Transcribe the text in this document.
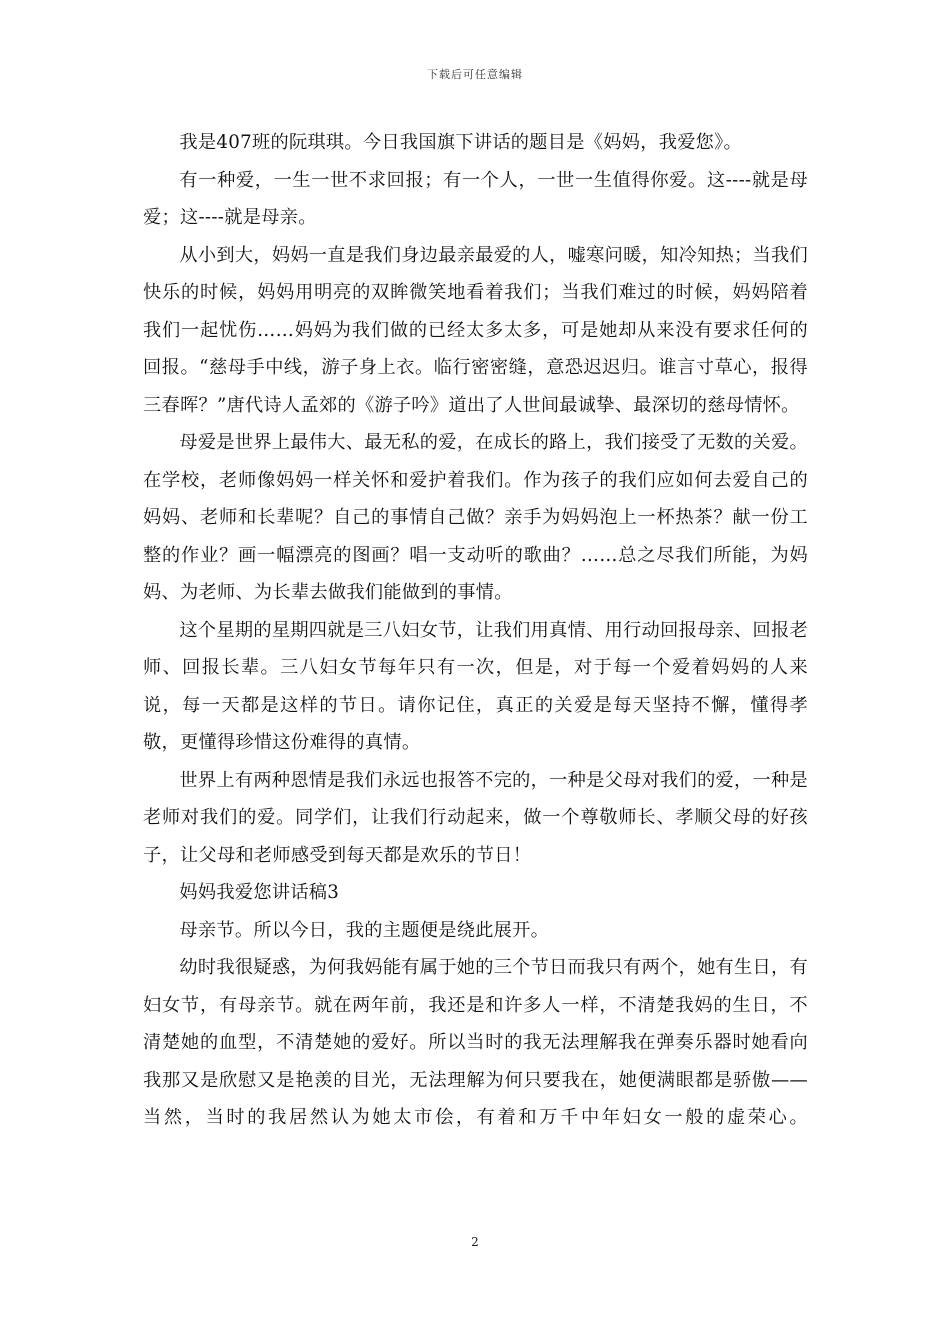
下载后可任意编辑

我是407班的阮琪琪。今日我国旗下讲话的题目是《妈妈，我爱您》。

有一种爱，一生一世不求回报；有一个人，一世一生值得你爱。这----就是母爱；这----就是母亲。

从小到大，妈妈一直是我们身边最亲最爱的人，嘘寒问暖，知冷知热；当我们快乐的时候，妈妈用明亮的双眸微笑地看着我们；当我们难过的时候，妈妈陪着我们一起忧伤……妈妈为我们做的已经太多太多，可是她却从来没有要求任何的回报。“慈母手中线，游子身上衣。临行密密缝，意恐迟迟归。谁言寸草心，报得三春晖？”唐代诗人孟郊的《游子吟》道出了人世间最诚挚、最深切的慈母情怀。

母爱是世界上最伟大、最无私的爱，在成长的路上，我们接受了无数的关爱。在学校，老师像妈妈一样关怀和爱护着我们。作为孩子的我们应如何去爱自己的妈妈、老师和长辈呢？自己的事情自己做？亲手为妈妈泡上一杯热茶？献一份工整的作业？画一幅漂亮的图画？唱一支动听的歌曲？……总之尽我们所能，为妈妈、为老师、为长辈去做我们能做到的事情。

这个星期的星期四就是三八妇女节，让我们用真情、用行动回报母亲、回报老师、回报长辈。三八妇女节每年只有一次，但是，对于每一个爱着妈妈的人来说，每一天都是这样的节日。请你记住，真正的关爱是每天坚持不懈，懂得孝敬，更懂得珍惜这份难得的真情。

世界上有两种恩情是我们永远也报答不完的，一种是父母对我们的爱，一种是老师对我们的爱。同学们，让我们行动起来，做一个尊敬师长、孝顺父母的好孩子，让父母和老师感受到每天都是欢乐的节日！

妈妈我爱您讲话稿3

母亲节。所以今日，我的主题便是绕此展开。

幼时我很疑惑，为何我妈能有属于她的三个节日而我只有两个，她有生日，有妇女节，有母亲节。就在两年前，我还是和许多人一样，不清楚我妈的生日，不清楚她的血型，不清楚她的爱好。所以当时的我无法理解我在弹奏乐器时她看向我那又是欣慰又是艳羡的目光，无法理解为何只要我在，她便满眼都是骄傲——当然，当时的我居然认为她太市侩，有着和万千中年妇女一般的虚荣心。

2
